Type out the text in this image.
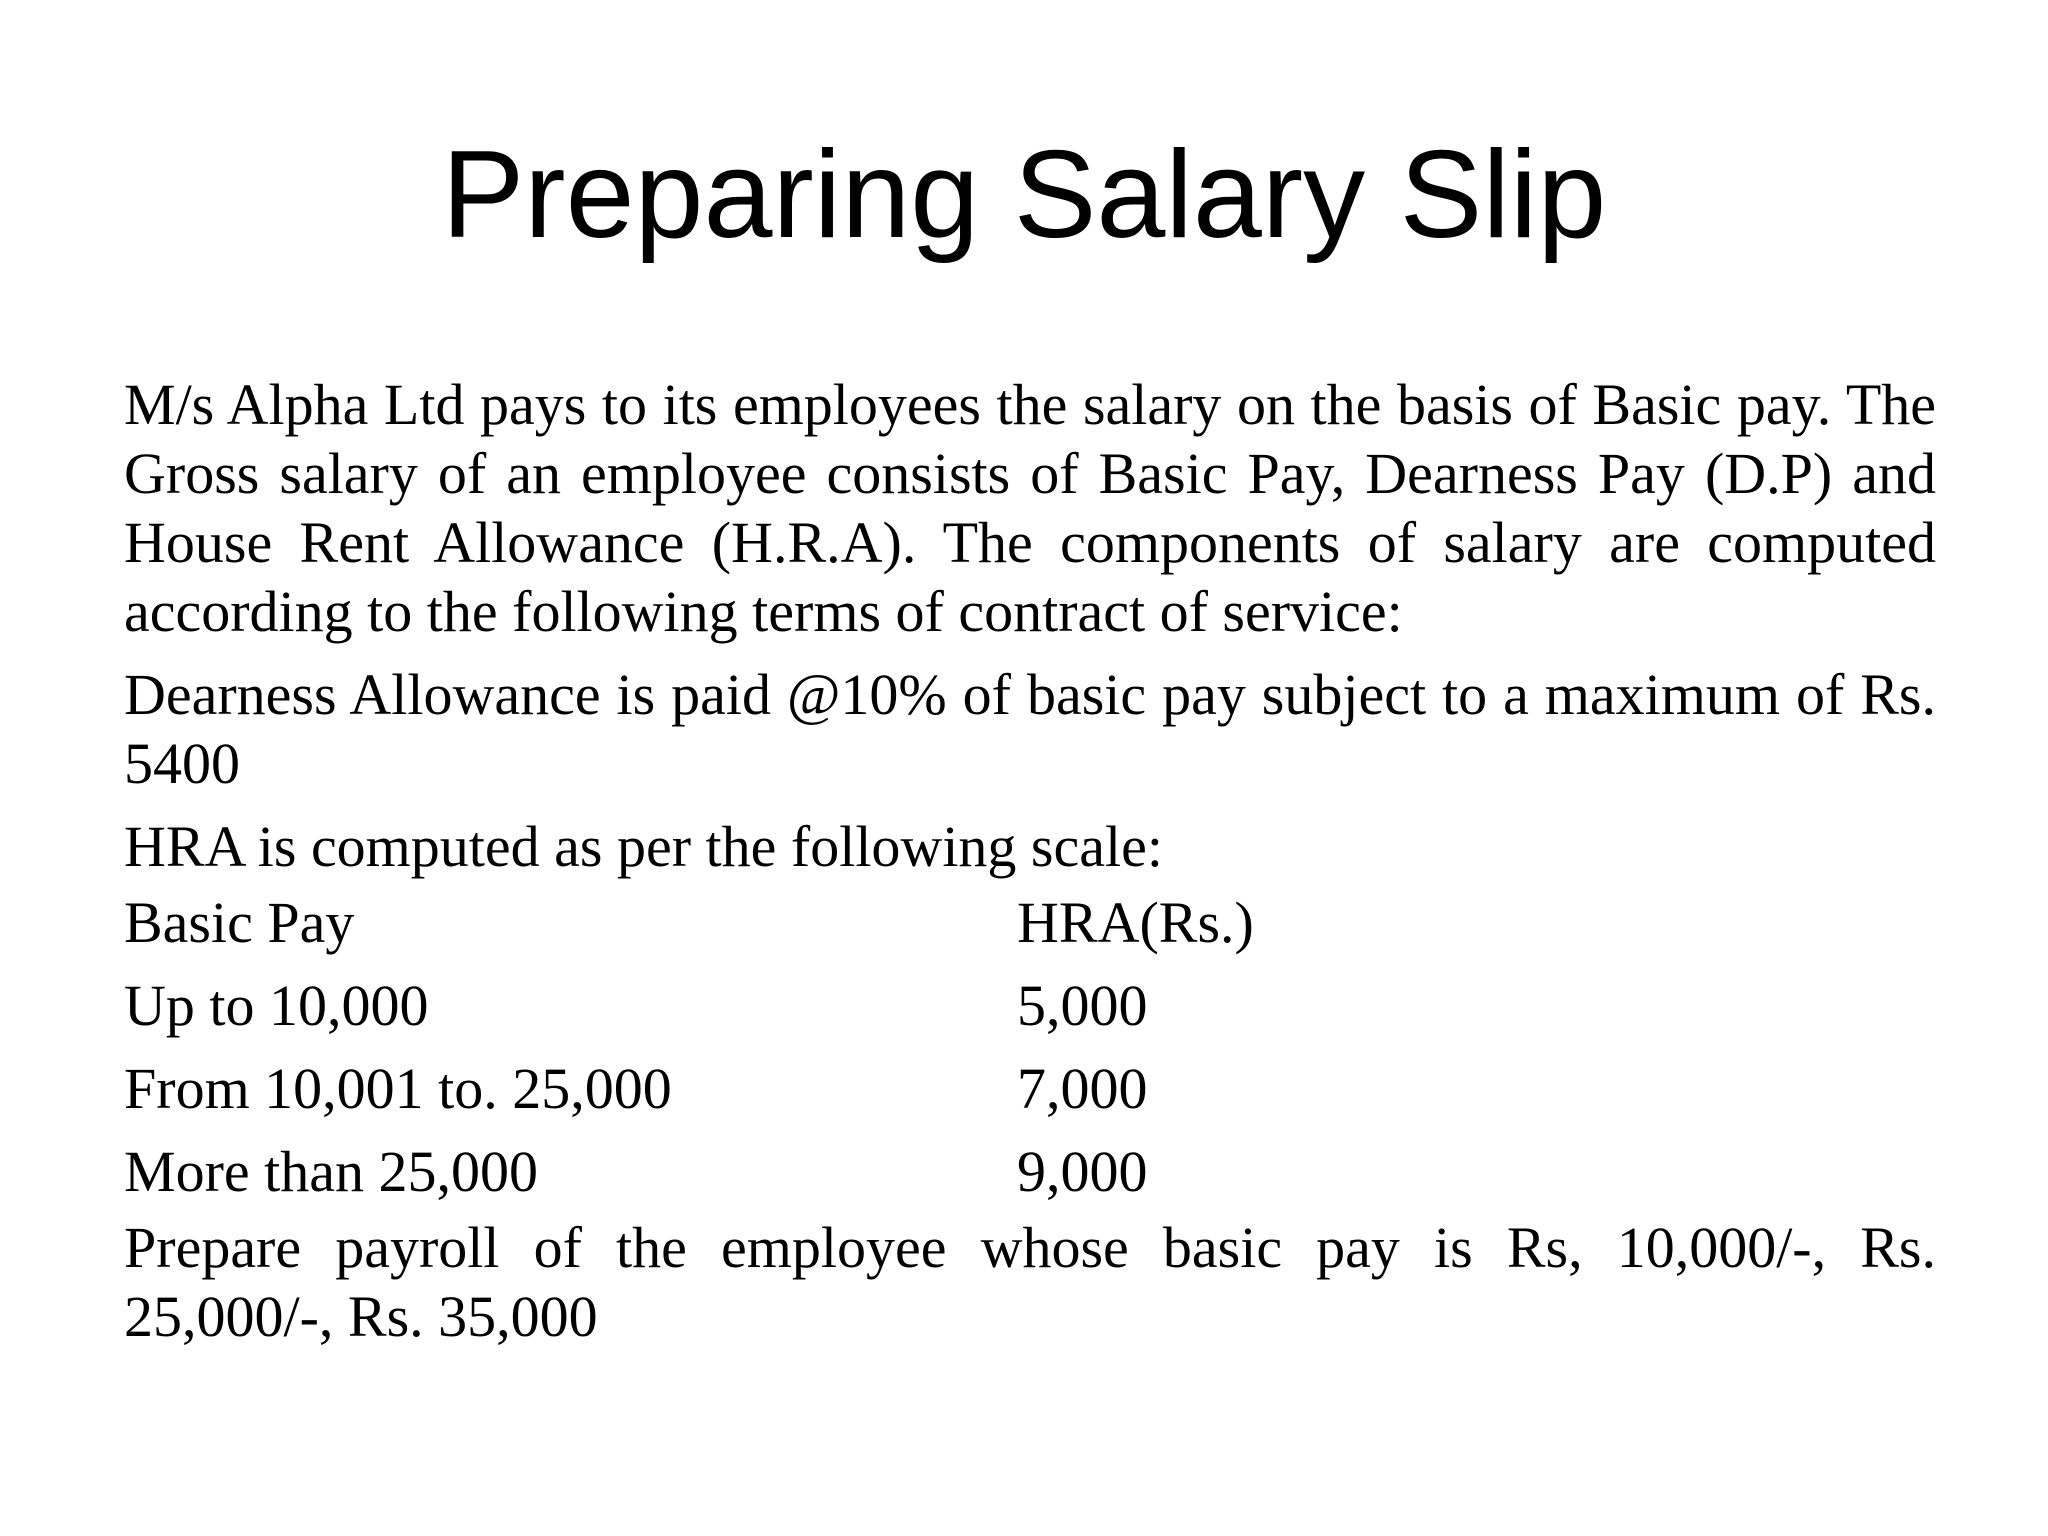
Preparing Salary Slip

M/s Alpha Ltd pays to its employees the salary on the basis of Basic pay. The Gross salary of an employee consists of Basic Pay, Dearness Pay (D.P) and House Rent Allowance (H.R.A). The components of salary are computed according to the following terms of contract of service:

Dearness Allowance is paid @10% of basic pay subject to a maximum of Rs. 5400

HRA is computed as per the following scale:

Basic Pay	HRA(Rs.)
Up to 10,000	5,000
From 10,001 to. 25,000	7,000
More than 25,000	9,000

Prepare payroll of the employee whose basic pay is Rs, 10,000/-, Rs. 25,000/-, Rs. 35,000
